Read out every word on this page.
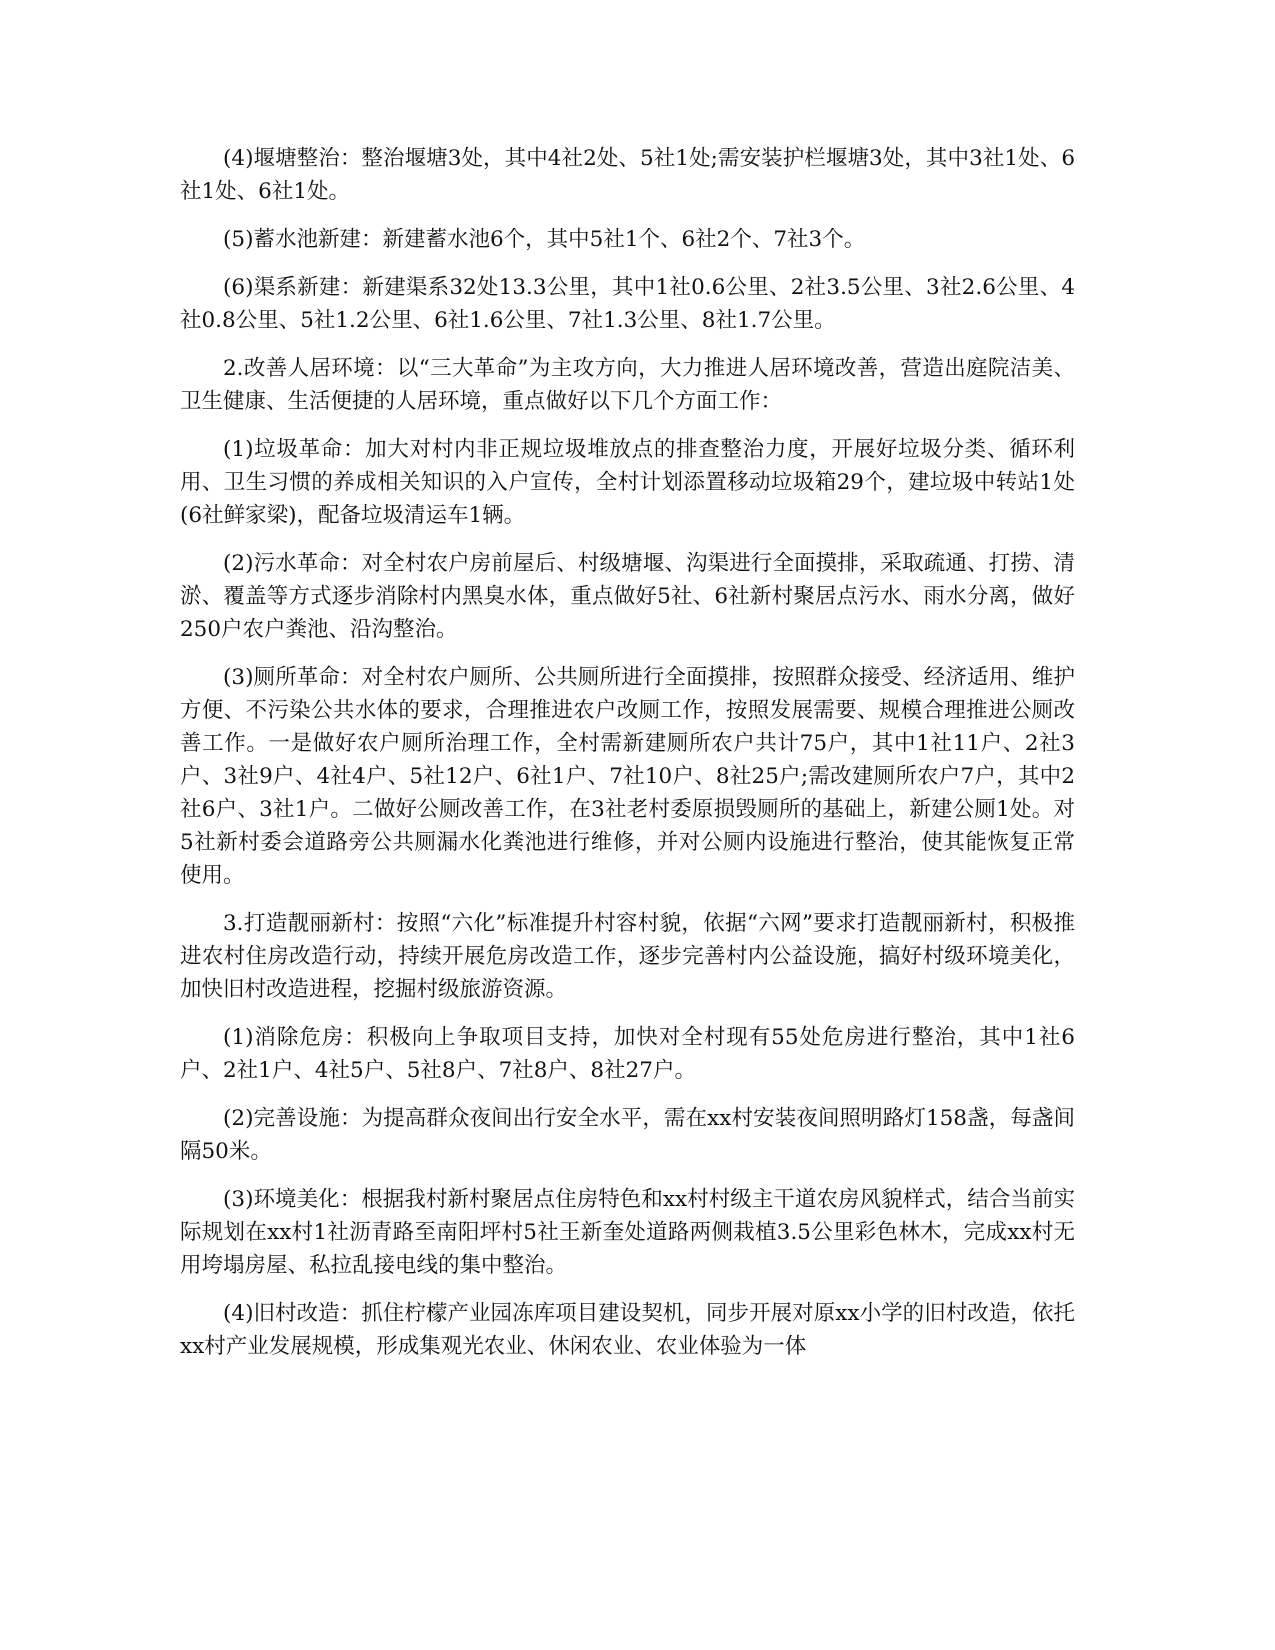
(4)堰塘整治：整治堰塘3处，其中4社2处、5社1处;需安装护栏堰塘3处，其中3社1处、6社1处、6社1处。

(5)蓄水池新建：新建蓄水池6个，其中5社1个、6社2个、7社3个。

(6)渠系新建：新建渠系32处13.3公里，其中1社0.6公里、2社3.5公里、3社2.6公里、4社0.8公里、5社1.2公里、6社1.6公里、7社1.3公里、8社1.7公里。

2.改善人居环境：以“三大革命”为主攻方向，大力推进人居环境改善，营造出庭院洁美、卫生健康、生活便捷的人居环境，重点做好以下几个方面工作：

(1)垃圾革命：加大对村内非正规垃圾堆放点的排查整治力度，开展好垃圾分类、循环利用、卫生习惯的养成相关知识的入户宣传，全村计划添置移动垃圾箱29个，建垃圾中转站1处(6社鲜家梁)，配备垃圾清运车1辆。

(2)污水革命：对全村农户房前屋后、村级塘堰、沟渠进行全面摸排，采取疏通、打捞、清淤、覆盖等方式逐步消除村内黑臭水体，重点做好5社、6社新村聚居点污水、雨水分离，做好250户农户粪池、沿沟整治。

(3)厕所革命：对全村农户厕所、公共厕所进行全面摸排，按照群众接受、经济适用、维护方便、不污染公共水体的要求，合理推进农户改厕工作，按照发展需要、规模合理推进公厕改善工作。一是做好农户厕所治理工作，全村需新建厕所农户共计75户，其中1社11户、2社3户、3社9户、4社4户、5社12户、6社1户、7社10户、8社25户;需改建厕所农户7户，其中2社6户、3社1户。二做好公厕改善工作，在3社老村委原损毁厕所的基础上，新建公厕1处。对5社新村委会道路旁公共厕漏水化粪池进行维修，并对公厕内设施进行整治，使其能恢复正常使用。

3.打造靓丽新村：按照“六化”标准提升村容村貌，依据“六网”要求打造靓丽新村，积极推进农村住房改造行动，持续开展危房改造工作，逐步完善村内公益设施，搞好村级环境美化，加快旧村改造进程，挖掘村级旅游资源。

(1)消除危房：积极向上争取项目支持，加快对全村现有55处危房进行整治，其中1社6户、2社1户、4社5户、5社8户、7社8户、8社27户。

(2)完善设施：为提高群众夜间出行安全水平，需在xx村安装夜间照明路灯158盏，每盏间隔50米。

(3)环境美化：根据我村新村聚居点住房特色和xx村村级主干道农房风貌样式，结合当前实际规划在xx村1社沥青路至南阳坪村5社王新奎处道路两侧栽植3.5公里彩色林木，完成xx村无用垮塌房屋、私拉乱接电线的集中整治。

(4)旧村改造：抓住柠檬产业园冻库项目建设契机，同步开展对原xx小学的旧村改造，依托xx村产业发展规模，形成集观光农业、休闲农业、农业体验为一体
